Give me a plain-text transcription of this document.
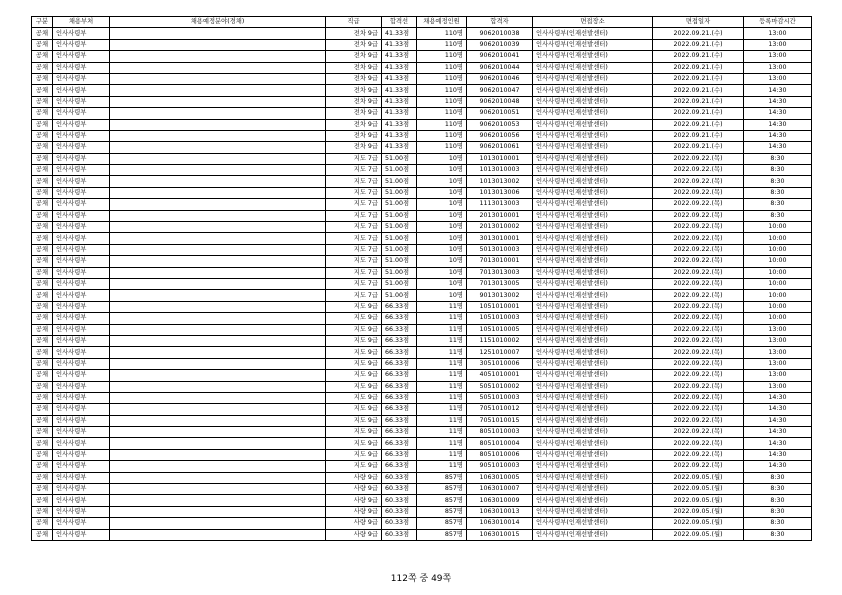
구분	채용부처	채용예정분야(경채)	직급	합격선	채용예정인원	합격자	면접장소	면접일자	등록마감시간
공채	인사사령부		전차 9급	41.33점	110명	9062010038	인사사령부(인재선발센터)	2022.09.21.(수)	13:00
공채	인사사령부		전차 9급	41.33점	110명	9062010039	인사사령부(인재선발센터)	2022.09.21.(수)	13:00
공채	인사사령부		전차 9급	41.33점	110명	9062010041	인사사령부(인재선발센터)	2022.09.21.(수)	13:00
공채	인사사령부		전차 9급	41.33점	110명	9062010044	인사사령부(인재선발센터)	2022.09.21.(수)	13:00
공채	인사사령부		전차 9급	41.33점	110명	9062010046	인사사령부(인재선발센터)	2022.09.21.(수)	13:00
공채	인사사령부		전차 9급	41.33점	110명	9062010047	인사사령부(인재선발센터)	2022.09.21.(수)	14:30
공채	인사사령부		전차 9급	41.33점	110명	9062010048	인사사령부(인재선발센터)	2022.09.21.(수)	14:30
공채	인사사령부		전차 9급	41.33점	110명	9062010051	인사사령부(인재선발센터)	2022.09.21.(수)	14:30
공채	인사사령부		전차 9급	41.33점	110명	9062010053	인사사령부(인재선발센터)	2022.09.21.(수)	14:30
공채	인사사령부		전차 9급	41.33점	110명	9062010056	인사사령부(인재선발센터)	2022.09.21.(수)	14:30
공채	인사사령부		전차 9급	41.33점	110명	9062010061	인사사령부(인재선발센터)	2022.09.21.(수)	14:30
공채	인사사령부		지도 7급	51.00점	10명	1013010001	인사사령부(인재선발센터)	2022.09.22.(목)	8:30
공채	인사사령부		지도 7급	51.00점	10명	1013010003	인사사령부(인재선발센터)	2022.09.22.(목)	8:30
공채	인사사령부		지도 7급	51.00점	10명	1013013002	인사사령부(인재선발센터)	2022.09.22.(목)	8:30
공채	인사사령부		지도 7급	51.00점	10명	1013013006	인사사령부(인재선발센터)	2022.09.22.(목)	8:30
공채	인사사령부		지도 7급	51.00점	10명	1113013003	인사사령부(인재선발센터)	2022.09.22.(목)	8:30
공채	인사사령부		지도 7급	51.00점	10명	2013010001	인사사령부(인재선발센터)	2022.09.22.(목)	8:30
공채	인사사령부		지도 7급	51.00점	10명	2013010002	인사사령부(인재선발센터)	2022.09.22.(목)	10:00
공채	인사사령부		지도 7급	51.00점	10명	3013010001	인사사령부(인재선발센터)	2022.09.22.(목)	10:00
공채	인사사령부		지도 7급	51.00점	10명	5013010003	인사사령부(인재선발센터)	2022.09.22.(목)	10:00
공채	인사사령부		지도 7급	51.00점	10명	7013010001	인사사령부(인재선발센터)	2022.09.22.(목)	10:00
공채	인사사령부		지도 7급	51.00점	10명	7013013003	인사사령부(인재선발센터)	2022.09.22.(목)	10:00
공채	인사사령부		지도 7급	51.00점	10명	7013013005	인사사령부(인재선발센터)	2022.09.22.(목)	10:00
공채	인사사령부		지도 7급	51.00점	10명	9013013002	인사사령부(인재선발센터)	2022.09.22.(목)	10:00
공채	인사사령부		지도 9급	66.33점	11명	1051010001	인사사령부(인재선발센터)	2022.09.22.(목)	10:00
공채	인사사령부		지도 9급	66.33점	11명	1051010003	인사사령부(인재선발센터)	2022.09.22.(목)	10:00
공채	인사사령부		지도 9급	66.33점	11명	1051010005	인사사령부(인재선발센터)	2022.09.22.(목)	13:00
공채	인사사령부		지도 9급	66.33점	11명	1151010002	인사사령부(인재선발센터)	2022.09.22.(목)	13:00
공채	인사사령부		지도 9급	66.33점	11명	1251010007	인사사령부(인재선발센터)	2022.09.22.(목)	13:00
공채	인사사령부		지도 9급	66.33점	11명	3051010006	인사사령부(인재선발센터)	2022.09.22.(목)	13:00
공채	인사사령부		지도 9급	66.33점	11명	4051010001	인사사령부(인재선발센터)	2022.09.22.(목)	13:00
공채	인사사령부		지도 9급	66.33점	11명	5051010002	인사사령부(인재선발센터)	2022.09.22.(목)	13:00
공채	인사사령부		지도 9급	66.33점	11명	5051010003	인사사령부(인재선발센터)	2022.09.22.(목)	14:30
공채	인사사령부		지도 9급	66.33점	11명	7051010012	인사사령부(인재선발센터)	2022.09.22.(목)	14:30
공채	인사사령부		지도 9급	66.33점	11명	7051010015	인사사령부(인재선발센터)	2022.09.22.(목)	14:30
공채	인사사령부		지도 9급	66.33점	11명	8051010003	인사사령부(인재선발센터)	2022.09.22.(목)	14:30
공채	인사사령부		지도 9급	66.33점	11명	8051010004	인사사령부(인재선발센터)	2022.09.22.(목)	14:30
공채	인사사령부		지도 9급	66.33점	11명	8051010006	인사사령부(인재선발센터)	2022.09.22.(목)	14:30
공채	인사사령부		지도 9급	66.33점	11명	9051010003	인사사령부(인재선발센터)	2022.09.22.(목)	14:30
공채	인사사령부		사량 9급	60.33점	857명	1063010005	인사사령부(인재선발센터)	2022.09.05.(월)	8:30
공채	인사사령부		사량 9급	60.33점	857명	1063010007	인사사령부(인재선발센터)	2022.09.05.(월)	8:30
공채	인사사령부		사량 9급	60.33점	857명	1063010009	인사사령부(인재선발센터)	2022.09.05.(월)	8:30
공채	인사사령부		사량 9급	60.33점	857명	1063010013	인사사령부(인재선발센터)	2022.09.05.(월)	8:30
공채	인사사령부		사량 9급	60.33점	857명	1063010014	인사사령부(인재선발센터)	2022.09.05.(월)	8:30
공채	인사사령부		사량 9급	60.33점	857명	1063010015	인사사령부(인재선발센터)	2022.09.05.(월)	8:30
112쪽 중 49쪽
